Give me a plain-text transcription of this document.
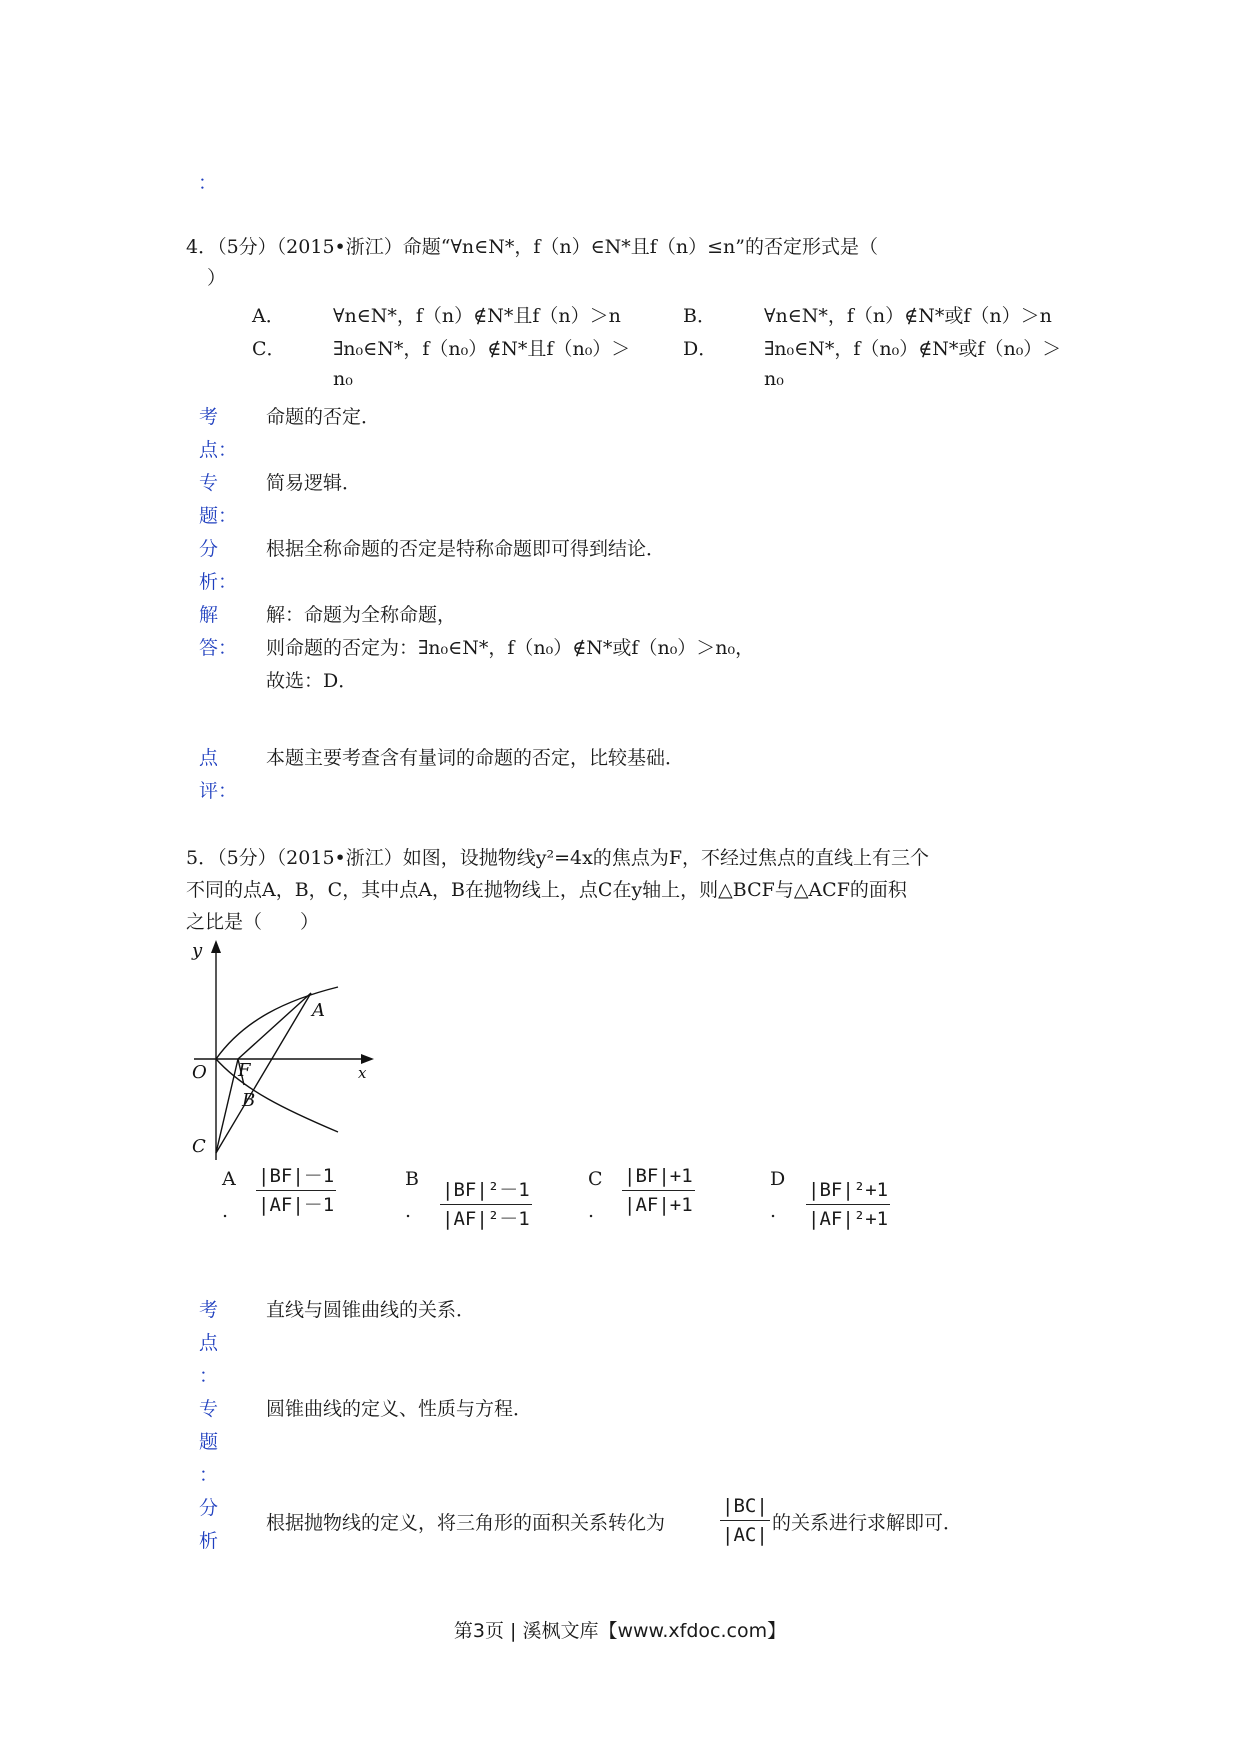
：
4．（5分）（2015•浙江）命题“∀n∈N*，f（n）∈N*且f（n）≤n”的否定形式是（
）
A．	∀n∈N*，f（n）∉N*且f（n）＞n	B．	∀n∈N*，f（n）∉N*或f（n）＞n
C． ∃n₀∈N*，f（n₀）∉N*且f（n₀）＞
n₀
D． ∃n₀∈N*，f（n₀）∉N*或f（n₀）＞
n₀
考
点：
命题的否定．
专
题：
简易逻辑．
分
析：
根据全称命题的否定是特称命题即可得到结论．
解
答：
解：命题为全称命题，
则命题的否定为：∃n₀∈N*，f（n₀）∉N*或f（n₀）＞n₀，
故选：D．
点
评：
本题主要考查含有量词的命题的否定，比较基础．
5．（5分）（2015•浙江）如图，设抛物线y²=4x的焦点为F，不经过焦点的直线上有三个
不同的点A，B，C，其中点A，B在抛物线上，点C在y轴上，则△BCF与△ACF的面积
之比是（　　）
y
x
O F
A
B
C
A
. $\frac{|BF|-1}{|AF|-1}$	B
. $\frac{\text{|BF|²－1}}{\text{|AF|²－1}}$	C
. $\frac{|BF|+1}{|AF|+1}$	D
. $\frac{\text{|BF|²+1}}{\text{|AF|²+1}}$
考
点
：
直线与圆锥曲线的关系．
专
题
：
圆锥曲线的定义、性质与方程．
分
析
根据抛物线的定义，将三角形的面积关系转化为	$\frac{|BC|}{|AC|}$ 的关系进行求解即可．
第3页 | 溪枫文库【www.xfdoc.com】
